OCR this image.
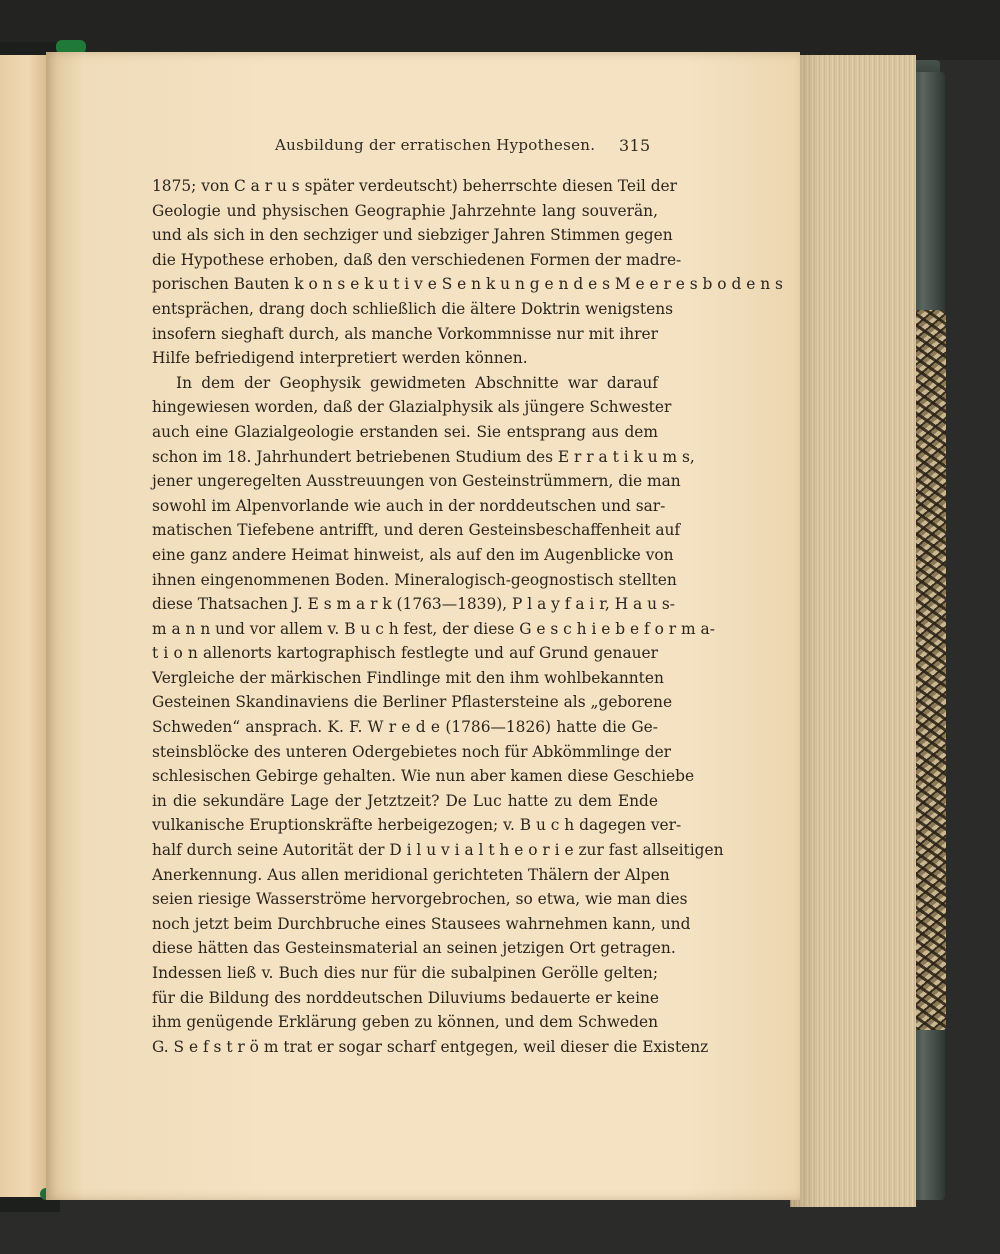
Ausbildung der erratischen Hypothesen. 315
1875; von C a r u s später verdeutscht) beherrschte diesen Teil der
Geologie und physischen Geographie Jahrzehnte lang souverän,
und als sich in den sechziger und siebziger Jahren Stimmen gegen
die Hypothese erhoben, daß den verschiedenen Formen der madre-
porischen Bauten k o n s e k u t i v e S e n k u n g e n d e s M e e r e s b o d e n s
entsprächen, drang doch schließlich die ältere Doktrin wenigstens
insofern sieghaft durch, als manche Vorkommnisse nur mit ihrer
Hilfe befriedigend interpretiert werden können.
In dem der Geophysik gewidmeten Abschnitte war darauf
hingewiesen worden, daß der Glazialphysik als jüngere Schwester
auch eine Glazialgeologie erstanden sei. Sie entsprang aus dem
schon im 18. Jahrhundert betriebenen Studium des E r r a t i k u m s,
jener ungeregelten Ausstreuungen von Gesteinstrümmern, die man
sowohl im Alpenvorlande wie auch in der norddeutschen und sar-
matischen Tiefebene antrifft, und deren Gesteinsbeschaffenheit auf
eine ganz andere Heimat hinweist, als auf den im Augenblicke von
ihnen eingenommenen Boden. Mineralogisch-geognostisch stellten
diese Thatsachen J. E s m a r k (1763—1839), P l a y f a i r, H a u s-
m a n n und vor allem v. B u c h fest, der diese G e s c h i e b e f o r m a-
t i o n allenorts kartographisch festlegte und auf Grund genauer
Vergleiche der märkischen Findlinge mit den ihm wohlbekannten
Gesteinen Skandinaviens die Berliner Pflastersteine als „geborene
Schweden“ ansprach. K. F. W r e d e (1786—1826) hatte die Ge-
steinsblöcke des unteren Odergebietes noch für Abkömmlinge der
schlesischen Gebirge gehalten. Wie nun aber kamen diese Geschiebe
in die sekundäre Lage der Jetztzeit? De Luc hatte zu dem Ende
vulkanische Eruptionskräfte herbeigezogen; v. B u c h dagegen ver-
half durch seine Autorität der D i l u v i a l t h e o r i e zur fast allseitigen
Anerkennung. Aus allen meridional gerichteten Thälern der Alpen
seien riesige Wasserströme hervorgebrochen, so etwa, wie man dies
noch jetzt beim Durchbruche eines Stausees wahrnehmen kann, und
diese hätten das Gesteinsmaterial an seinen jetzigen Ort getragen.
Indessen ließ v. Buch dies nur für die subalpinen Gerölle gelten;
für die Bildung des norddeutschen Diluviums bedauerte er keine
ihm genügende Erklärung geben zu können, und dem Schweden
G. S e f s t r ö m trat er sogar scharf entgegen, weil dieser die Existenz
